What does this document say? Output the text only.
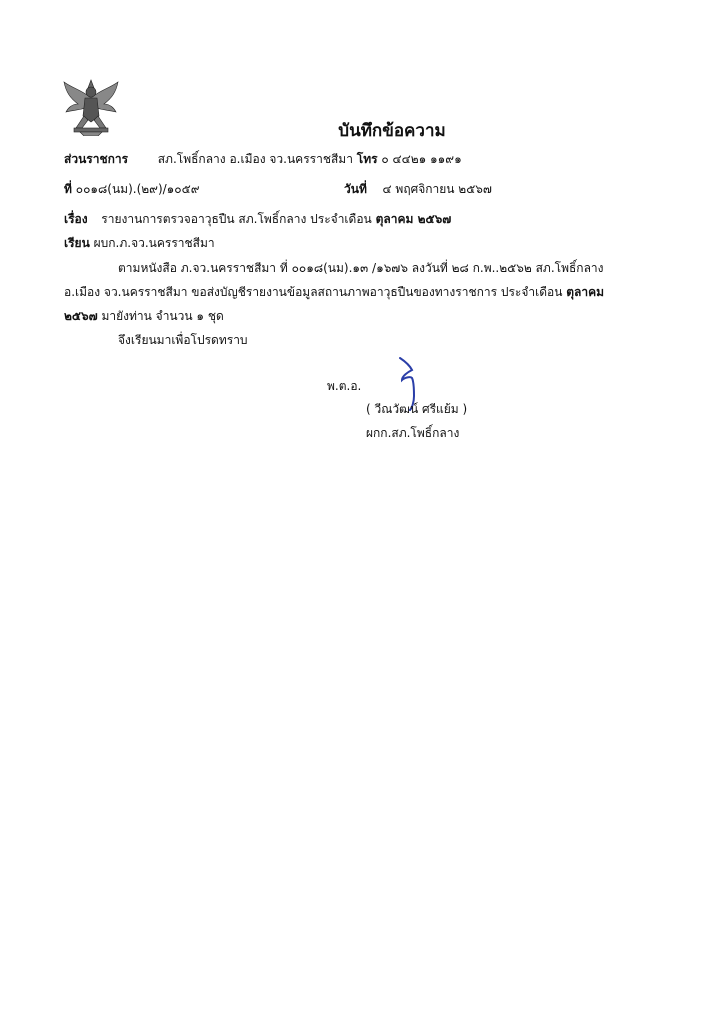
บันทึกข้อความ
ส่วนราชการ สภ.โพธิ์กลาง อ.เมือง จว.นครราชสีมา โทร ๐ ๔๔๒๑ ๑๑๙๑
ที่ ๐๐๑๘(นม).(๒๙)/๑๐๕๙	วันที่ ๔ พฤศจิกายน ๒๕๖๗
เรื่อง รายงานการตรวจอาวุธปืน สภ.โพธิ์กลาง ประจำเดือน ตุลาคม ๒๕๖๗
เรียน ผบก.ภ.จว.นครราชสีมา
ตามหนังสือ ภ.จว.นครราชสีมา ที่ ๐๐๑๘(นม).๑๓ /๑๖๗๖ ลงวันที่ ๒๘ ก.พ..๒๕๖๒ สภ.โพธิ์กลาง
อ.เมือง จว.นครราชสีมา ขอส่งบัญชีรายงานข้อมูลสถานภาพอาวุธปืนของทางราชการ ประจำเดือน ตุลาคม
๒๕๖๗ มายังท่าน จำนวน ๑ ชุด
จึงเรียนมาเพื่อโปรดทราบ
พ.ต.อ.
( วีณวัฒน์ ศรีแย้ม )
ผกก.สภ.โพธิ์กลาง
